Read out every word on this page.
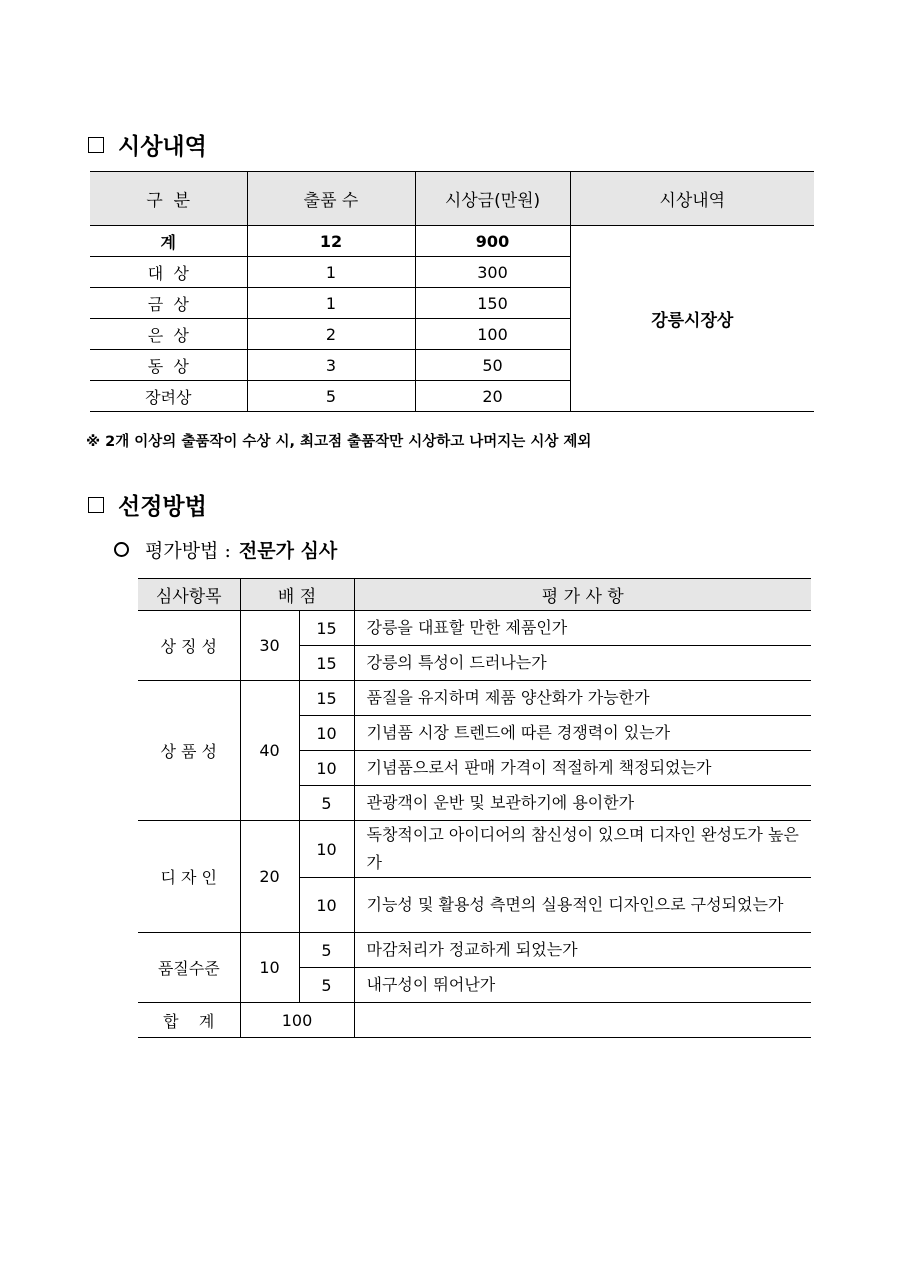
시상내역
구  분	출품 수	시상금(만원)	시상내역
계	12	900	강릉시장상
대  상	1	300	
금  상	1	150	
은  상	2	100	
동  상	3	50	
장려상	5	20	
※ 2개 이상의 출품작이 수상 시, 최고점 출품작만 시상하고 나머지는 시상 제외
선정방법
평가방법 : 전문가 심사
심사항목	배 점		평 가 사 항
상 징 성	30	15	강릉을 대표할 만한 제품인가
		15	강릉의 특성이 드러나는가
상 품 성	40	15	품질을 유지하며 제품 양산화가 가능한가
		10	기념품 시장 트렌드에 따른 경쟁력이 있는가
		10	기념품으로서 판매 가격이 적절하게 책정되었는가
		5	관광객이 운반 및 보관하기에 용이한가
디 자 인	20	10	독창적이고 아이디어의 참신성이 있으며 디자인 완성도가 높은가
		10	기능성 및 활용성 측면의 실용적인 디자인으로 구성되었는가
품질수준	10	5	마감처리가 정교하게 되었는가
		5	내구성이 뛰어난가
합    계	100		
